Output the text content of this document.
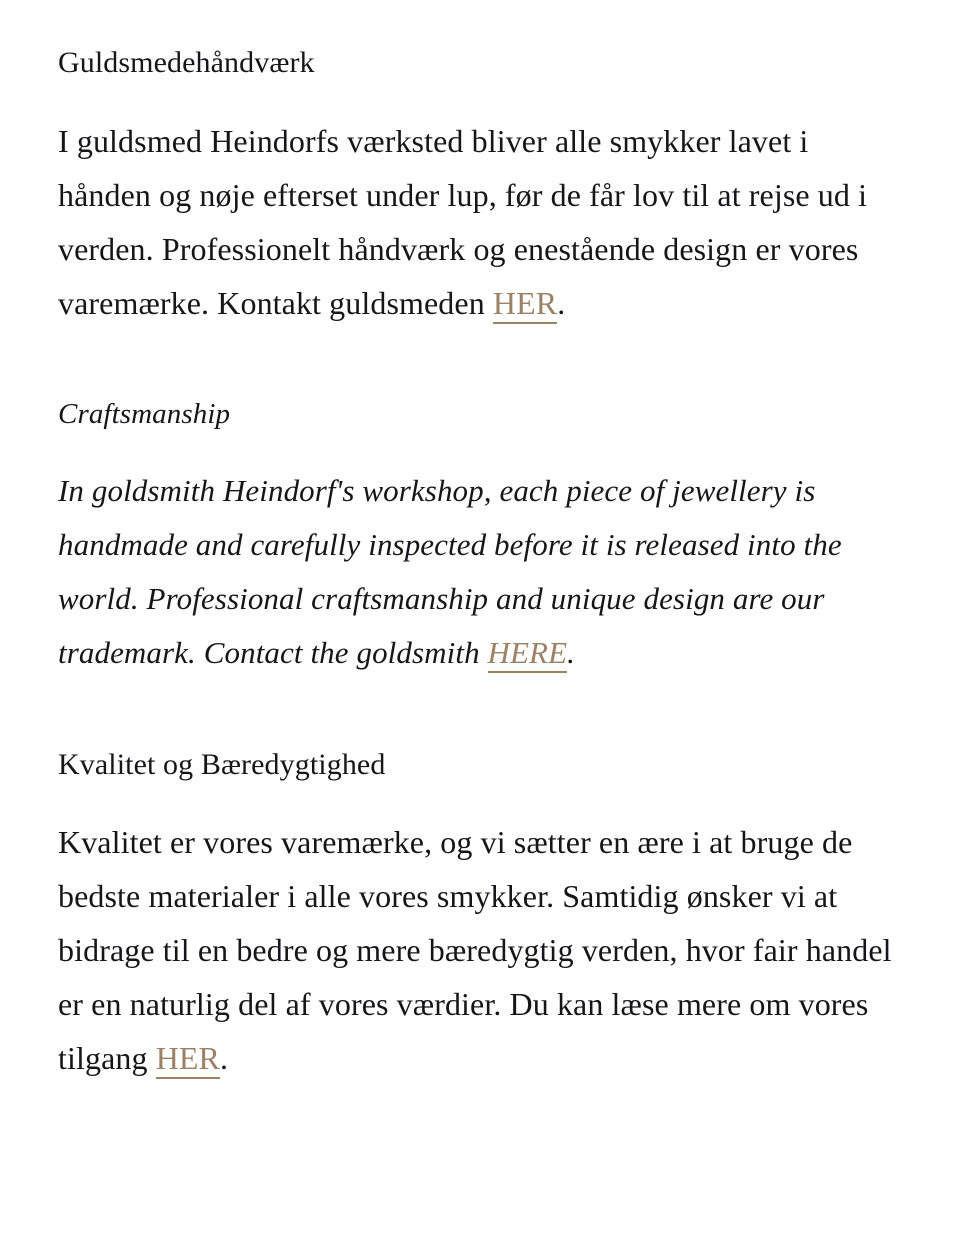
Guldsmedehåndværk

I guldsmed Heindorfs værksted bliver alle smykker lavet i hånden og nøje efterset under lup, før de får lov til at rejse ud i verden. Professionelt håndværk og enestående design er vores varemærke. Kontakt guldsmeden HER.

Craftsmanship

In goldsmith Heindorf's workshop, each piece of jewellery is handmade and carefully inspected before it is released into the world. Professional craftsmanship and unique design are our trademark. Contact the goldsmith HERE.

Kvalitet og Bæredygtighed

Kvalitet er vores varemærke, og vi sætter en ære i at bruge de bedste materialer i alle vores smykker. Samtidig ønsker vi at bidrage til en bedre og mere bæredygtig verden, hvor fair handel er en naturlig del af vores værdier. Du kan læse mere om vores tilgang HER.
